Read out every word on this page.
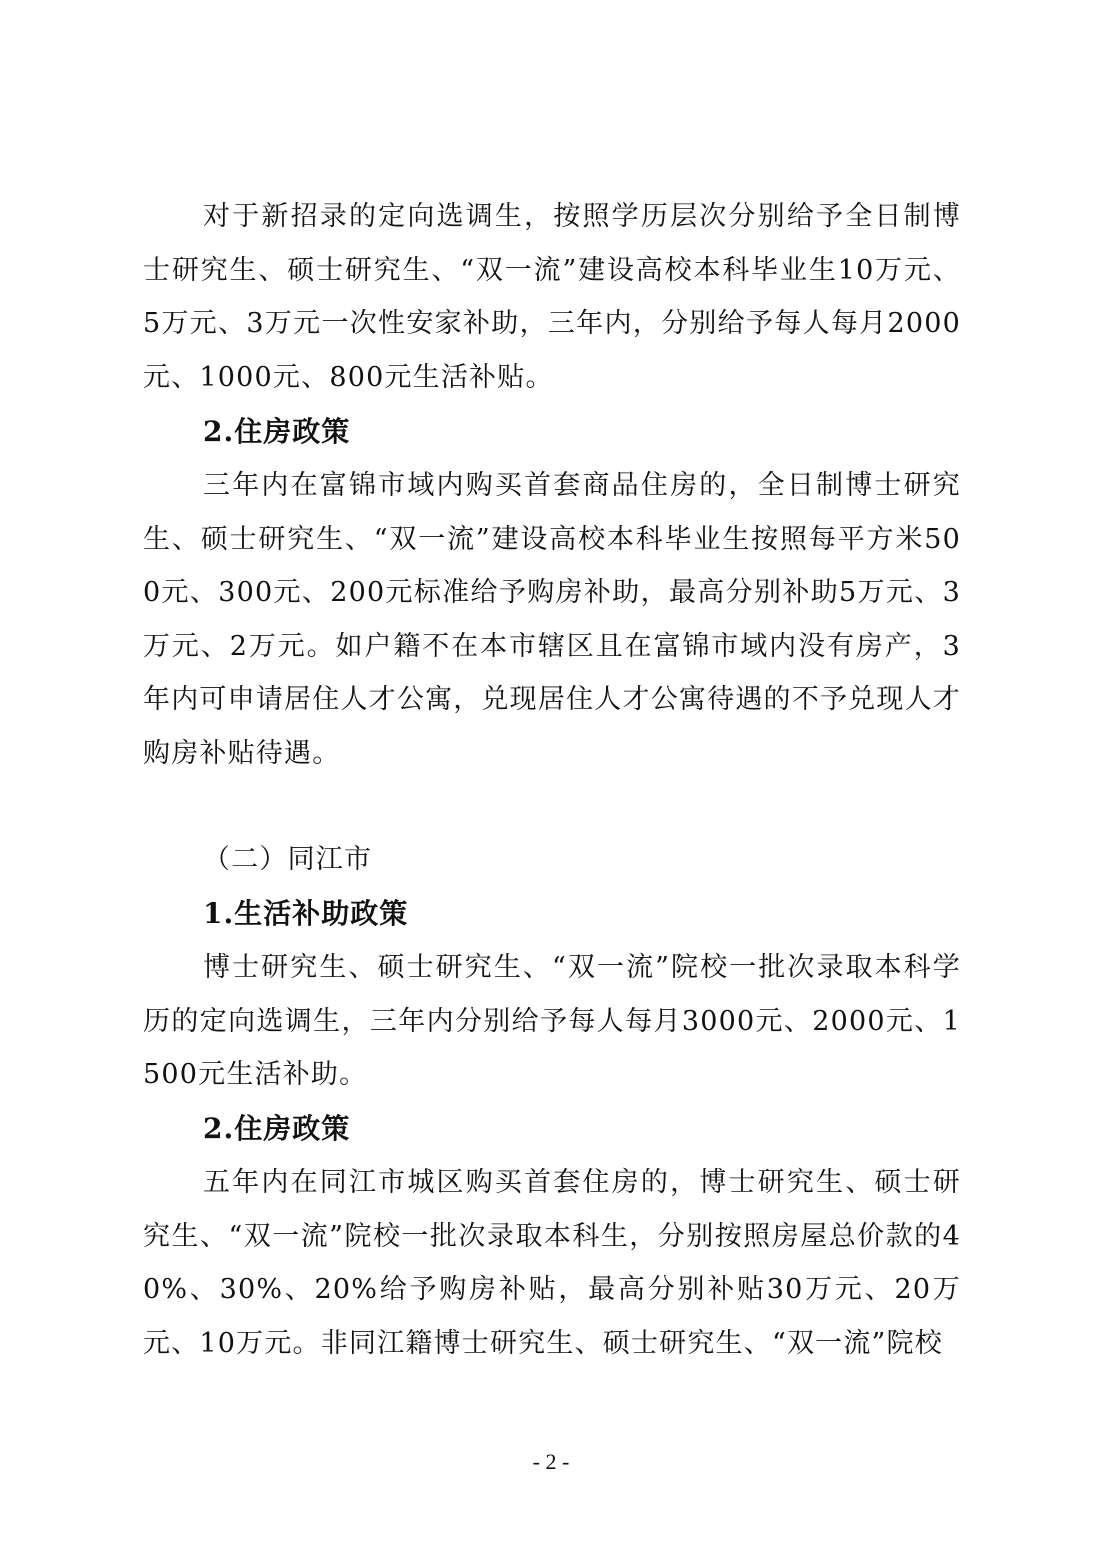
对于新招录的定向选调生，按照学历层次分别给予全日制博士研究生、硕士研究生、“双一流”建设高校本科毕业生10万元、5万元、3万元一次性安家补助，三年内，分别给予每人每月2000元、1000元、800元生活补贴。

2.住房政策

三年内在富锦市域内购买首套商品住房的，全日制博士研究生、硕士研究生、“双一流”建设高校本科毕业生按照每平方米500元、300元、200元标准给予购房补助，最高分别补助5万元、3万元、2万元。如户籍不在本市辖区且在富锦市域内没有房产，3年内可申请居住人才公寓，兑现居住人才公寓待遇的不予兑现人才购房补贴待遇。

（二）同江市

1.生活补助政策

博士研究生、硕士研究生、“双一流”院校一批次录取本科学历的定向选调生，三年内分别给予每人每月3000元、2000元、1500元生活补助。

2.住房政策

五年内在同江市城区购买首套住房的，博士研究生、硕士研究生、“双一流”院校一批次录取本科生，分别按照房屋总价款的40%、30%、20%给予购房补贴，最高分别补贴30万元、20万元、10万元。非同江籍博士研究生、硕士研究生、“双一流”院校

- 2 -
